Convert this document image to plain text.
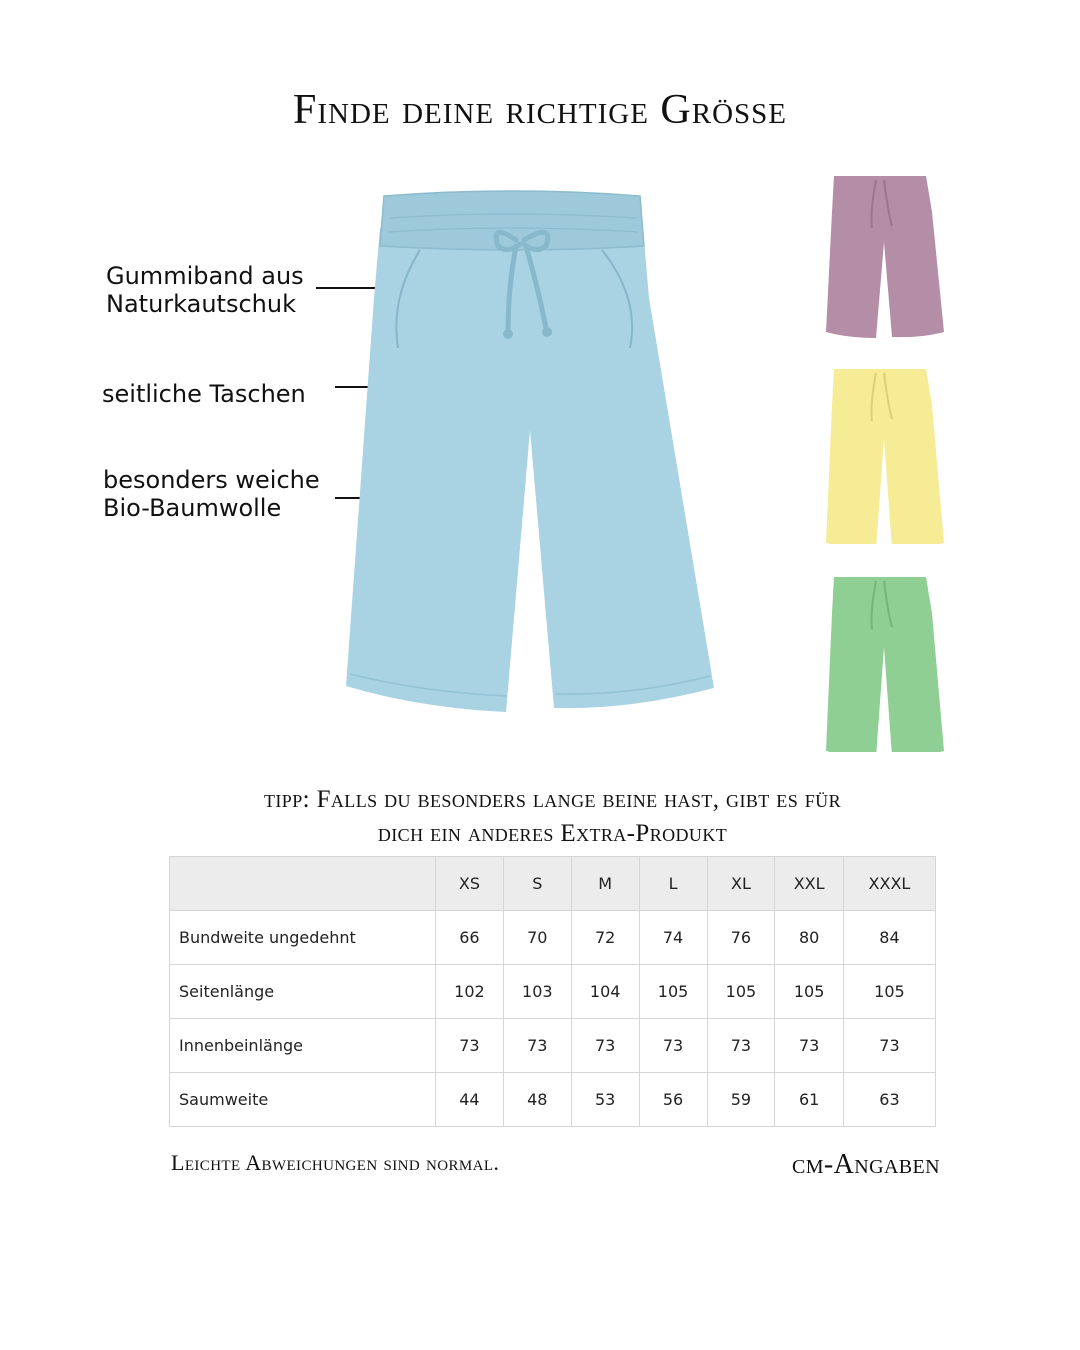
Finde deine richtige Grösse
Gummiband aus
Naturkautschuk
seitliche Taschen
besonders weiche
Bio-Baumwolle
tipp: Falls du besonders lange beine hast, gibt es für
dich ein anderes Extra-Produkt
	XS	S	M	L	XL	XXL	XXXL
Bundweite ungedehnt	66	70	72	74	76	80	84
Seitenlänge	102	103	104	105	105	105	105
Innenbeinlänge	73	73	73	73	73	73	73
Saumweite	44	48	53	56	59	61	63
Leichte Abweichungen sind normal.	cm-Angaben
